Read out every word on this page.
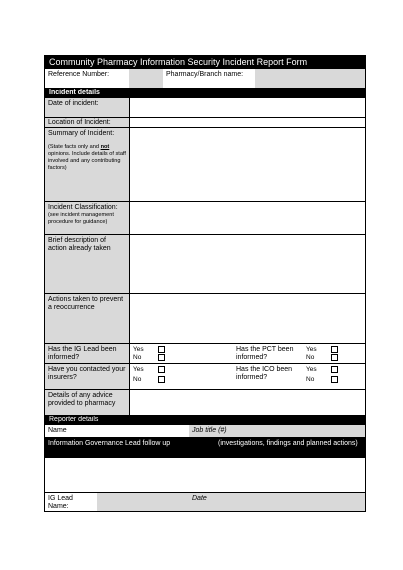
Community Pharmacy Information Security Incident Report Form
Reference Number:	Pharmacy/Branch name:
Incident details
Date of incident:
Location of Incident:
Summary of Incident:
(State facts only and not opinions. Include details of staff involved and any contributing factors)
Incident Classification:
(see incident management procedure for guidance)
Brief description of action already taken
Actions taken to prevent a reoccurrence
Has the IG Lead been informed?
Yes
No
Has the PCT been informed?
Yes
No
Have you contacted your insurers?
Yes
No
Has the ICO been informed?
Yes
No
Details of any advice provided to pharmacy
Reporter details
Name	Job title (#)
Information Governance Lead follow up	(investigations, findings and planned actions)
IG Lead Name:
Date
